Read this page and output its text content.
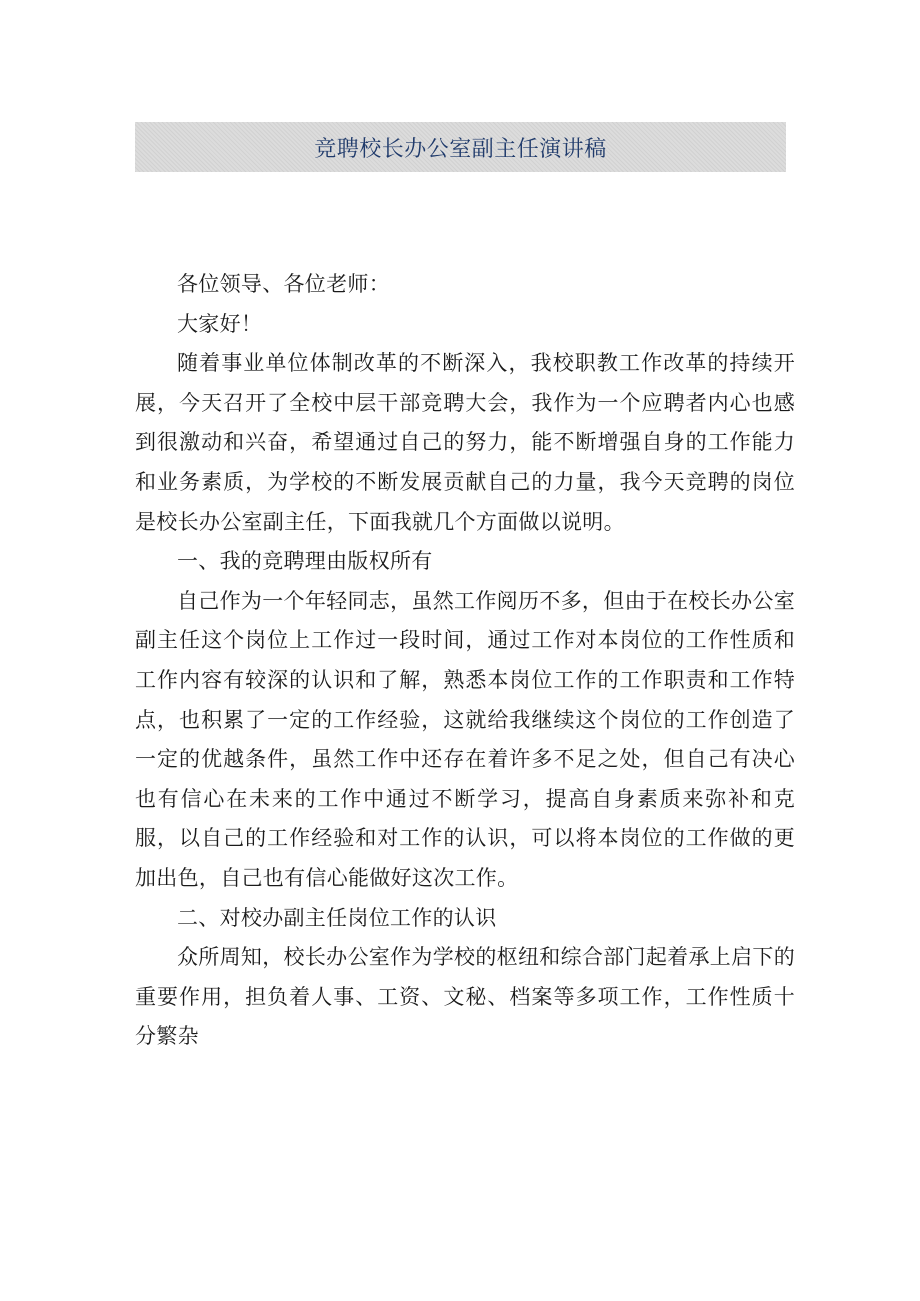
竞聘校长办公室副主任演讲稿

各位领导、各位老师：

大家好！

随着事业单位体制改革的不断深入，我校职教工作改革的持续开展，今天召开了全校中层干部竞聘大会，我作为一个应聘者内心也感到很激动和兴奋，希望通过自己的努力，能不断增强自身的工作能力和业务素质，为学校的不断发展贡献自己的力量，我今天竞聘的岗位是校长办公室副主任，下面我就几个方面做以说明。

一、我的竞聘理由版权所有

自己作为一个年轻同志，虽然工作阅历不多，但由于在校长办公室副主任这个岗位上工作过一段时间，通过工作对本岗位的工作性质和工作内容有较深的认识和了解，熟悉本岗位工作的工作职责和工作特点，也积累了一定的工作经验，这就给我继续这个岗位的工作创造了一定的优越条件，虽然工作中还存在着许多不足之处，但自己有决心也有信心在未来的工作中通过不断学习，提高自身素质来弥补和克服，以自己的工作经验和对工作的认识，可以将本岗位的工作做的更加出色，自己也有信心能做好这次工作。

二、对校办副主任岗位工作的认识

众所周知，校长办公室作为学校的枢纽和综合部门起着承上启下的重要作用，担负着人事、工资、文秘、档案等多项工作，工作性质十分繁杂
